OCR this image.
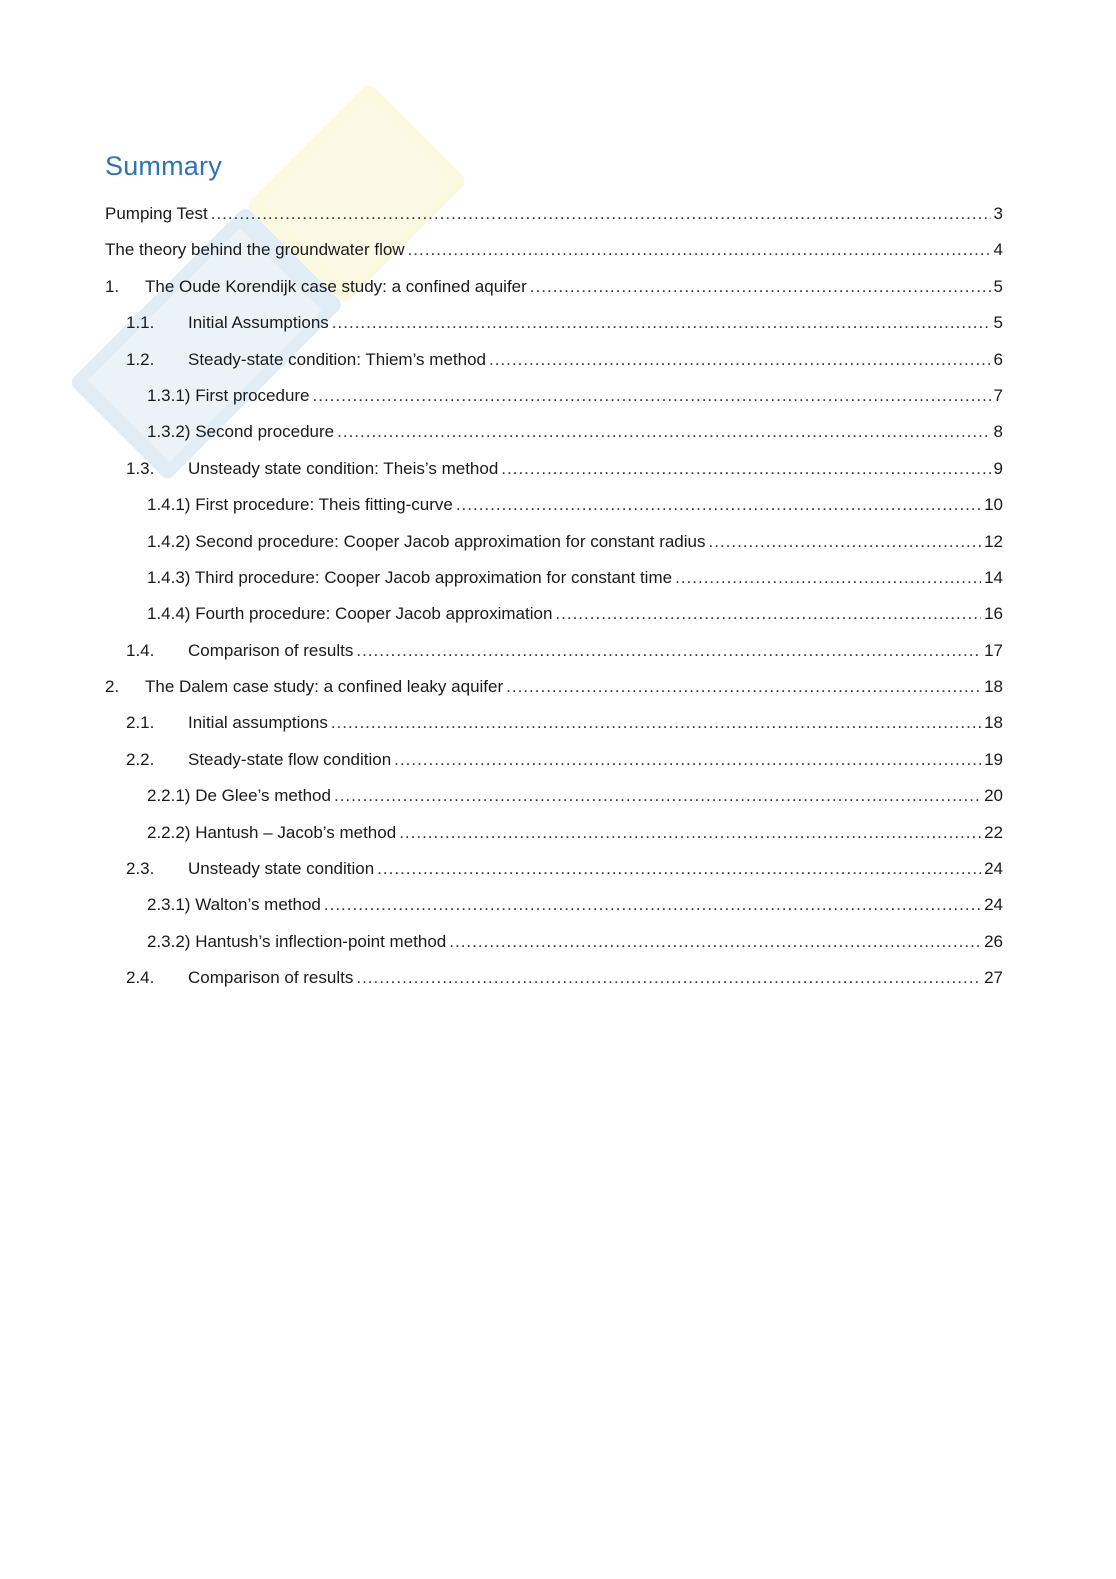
Summary
Pumping Test .....	3
The theory behind the groundwater flow .....	4
1.	The Oude Korendijk case study: a confined aquifer .....	5
1.1.	Initial Assumptions .....	5
1.2.	Steady-state condition: Thiem’s method .....	6
1.3.1) First procedure .....	7
1.3.2) Second procedure .....	8
1.3.	Unsteady state condition: Theis’s method .....	9
1.4.1) First procedure: Theis fitting-curve .....	10
1.4.2) Second procedure: Cooper Jacob approximation for constant radius .....	12
1.4.3) Third procedure: Cooper Jacob approximation for constant time .....	14
1.4.4) Fourth procedure: Cooper Jacob approximation .....	16
1.4.	Comparison of results .....	17
2.	The Dalem case study: a confined leaky aquifer .....	18
2.1.	Initial assumptions .....	18
2.2.	Steady-state flow condition .....	19
2.2.1) De Glee’s method .....	20
2.2.2) Hantush – Jacob’s method .....	22
2.3.	Unsteady state condition .....	24
2.3.1) Walton’s method .....	24
2.3.2) Hantush’s inflection-point method .....	26
2.4.	Comparison of results .....	27
